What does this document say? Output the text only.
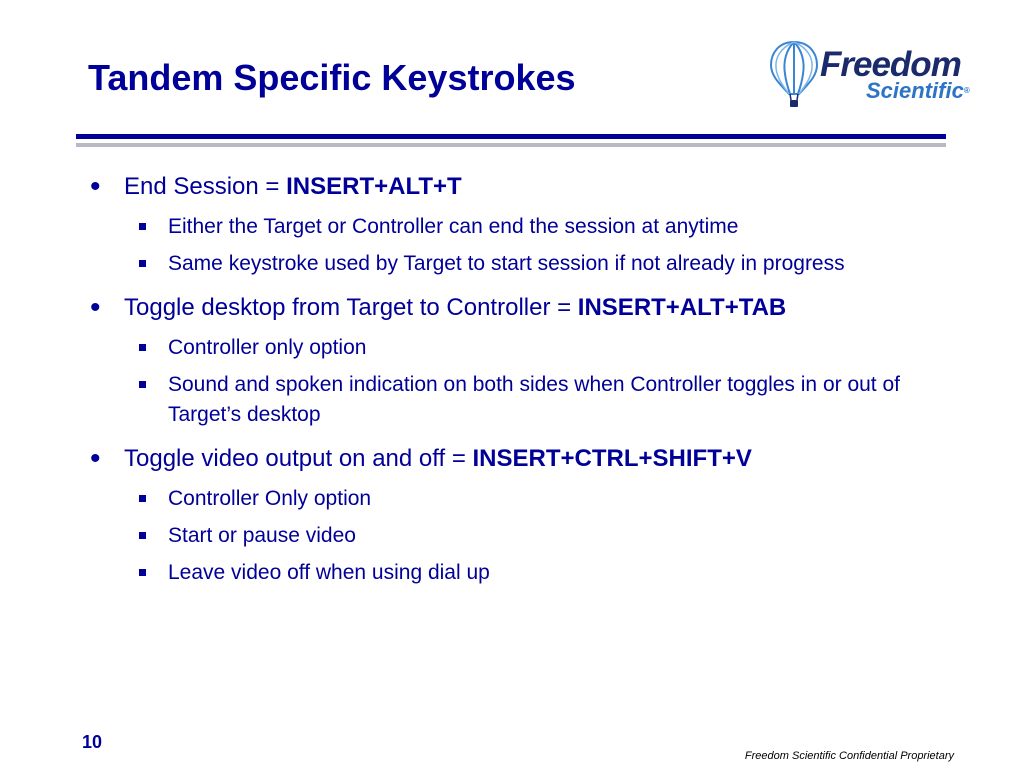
Tandem Specific Keystrokes	Freedom
Scientific®
• End Session = INSERT+ALT+T
Either the Target or Controller can end the session at anytime
Same keystroke used by Target to start session if not already in progress
• Toggle desktop from Target to Controller = INSERT+ALT+TAB
Controller only option
Sound and spoken indication on both sides when Controller toggles in or out of Target’s desktop
• Toggle video output on and off = INSERT+CTRL+SHIFT+V
Controller Only option
Start or pause video
Leave video off when using dial up
10
Freedom Scientific Confidential Proprietary
